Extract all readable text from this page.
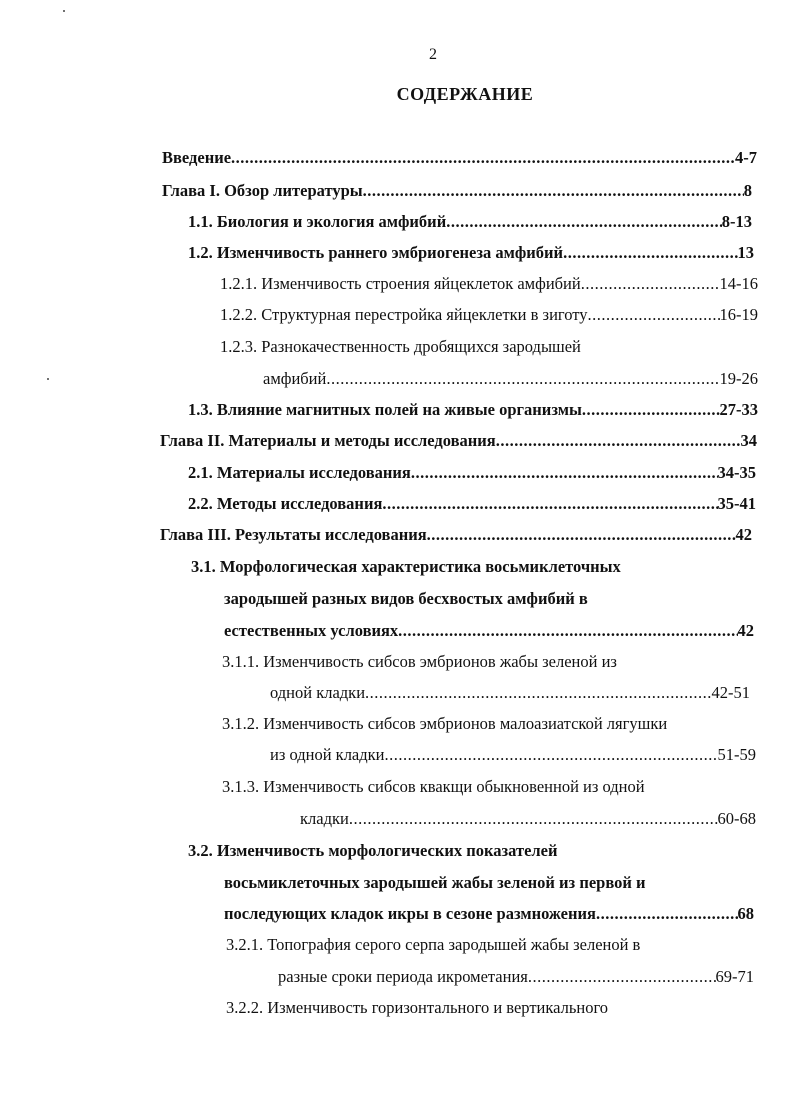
2
СОДЕРЖАНИЕ
Введение .....	4-7
Глава I. Обзор литературы .....	8
1.1. Биология и экология амфибий .....	8-13
1.2. Изменчивость раннего эмбриогенеза амфибий .....	13
1.2.1. Изменчивость строения яйцеклеток амфибий .....	14-16
1.2.2. Структурная перестройка яйцеклетки в зиготу .....	16-19
1.2.3. Разнокачественность дробящихся зародышей
амфибий .....	19-26
1.3. Влияние магнитных полей на живые организмы .....	27-33
Глава II. Материалы и методы исследования .....	34
2.1. Материалы исследования .....	34-35
2.2. Методы исследования .....	35-41
Глава III. Результаты исследования .....	42
3.1. Морфологическая характеристика восьмиклеточных
зародышей разных видов бесхвостых амфибий в
естественных условиях .....	42
3.1.1. Изменчивость сибсов эмбрионов жабы зеленой из
одной кладки .....	42-51
3.1.2. Изменчивость сибсов эмбрионов малоазиатской лягушки
из одной кладки .....	51-59
3.1.3. Изменчивость сибсов квакщи обыкновенной из одной
кладки .....	60-68
3.2. Изменчивость морфологических показателей
восьмиклеточных зародышей жабы зеленой из первой и
последующих кладок икры в сезоне размножения .....	68
3.2.1. Топография серого серпа зародышей жабы зеленой в
разные сроки периода икрометания .....	69-71
3.2.2. Изменчивость горизонтального и вертикального
